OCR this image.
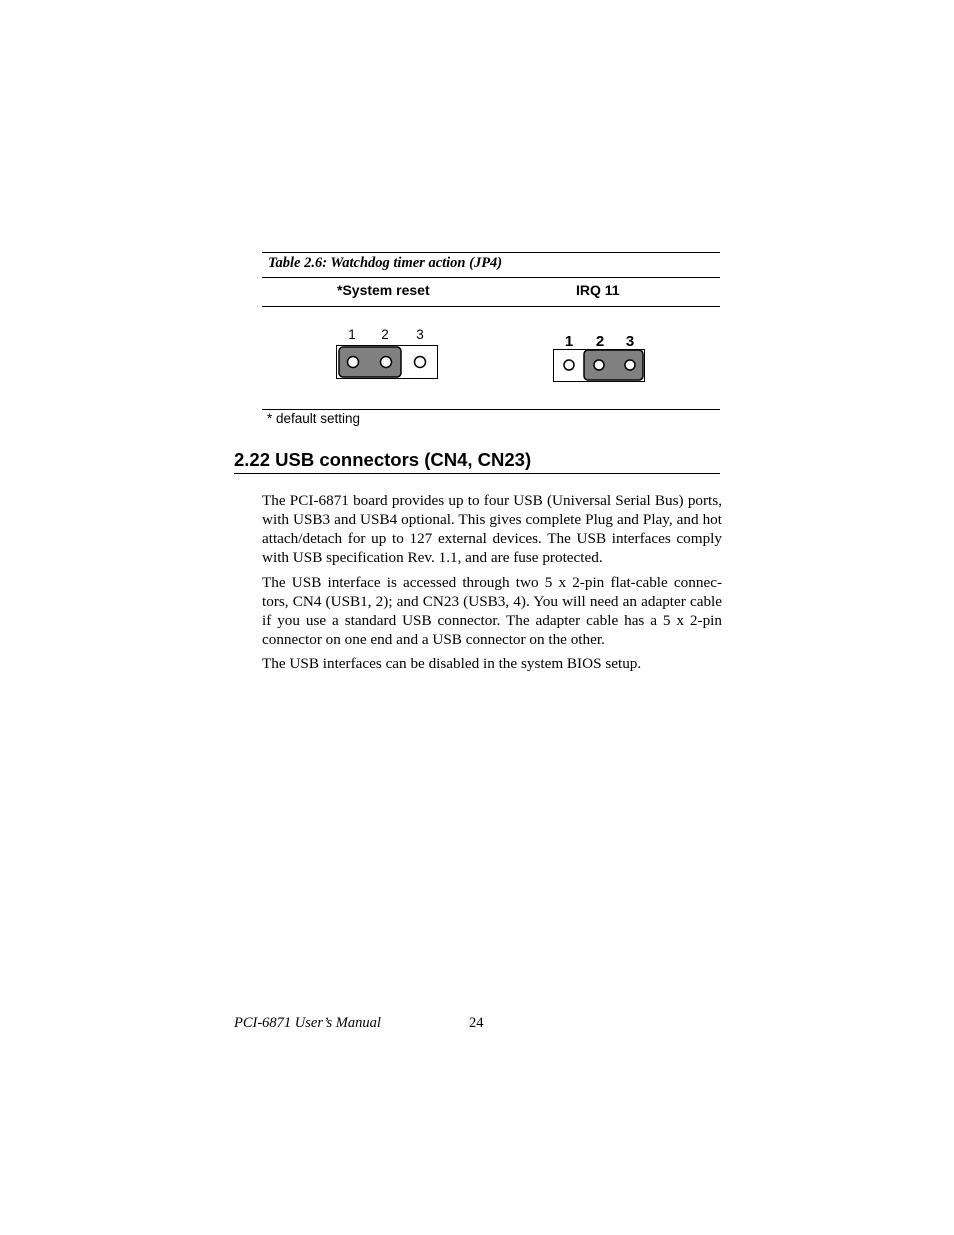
Table 2.6: Watchdog timer action (JP4)
*System reset	IRQ 11
1 2 3	1 2 3
* default setting
2.22 USB connectors (CN4, CN23)
The PCI-6871 board provides up to four USB (Universal Serial Bus) ports, with USB3 and USB4 optional. This gives complete Plug and Play, and hot attach/detach for up to 127 external devices. The USB interfaces comply with USB specification Rev. 1.1, and are fuse protected.
The USB interface is accessed through two 5 x 2-pin flat-cable connec-tors, CN4 (USB1, 2); and CN23 (USB3, 4). You will need an adapter cable if you use a standard USB connector. The adapter cable has a 5 x 2-pin connector on one end and a USB connector on the other.
The USB interfaces can be disabled in the system BIOS setup.
PCI-6871 User’s Manual	24
